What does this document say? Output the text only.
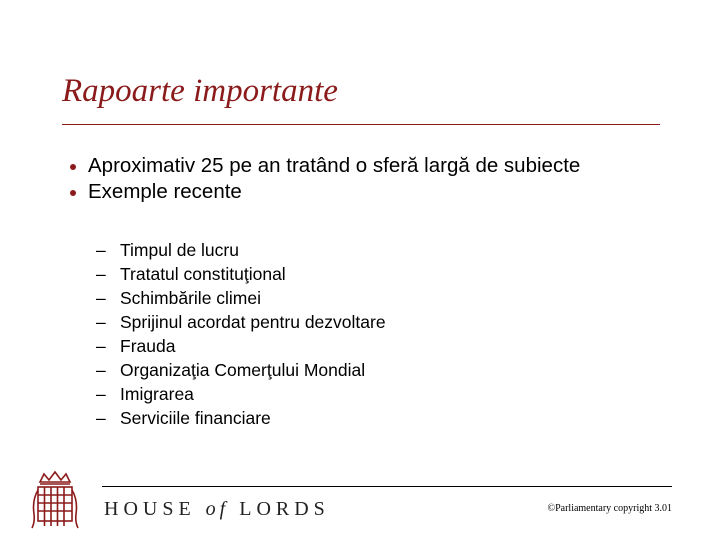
Rapoarte importante
Aproximativ 25 pe an tratând o sferă largă de subiecte
Exemple recente
– Timpul de lucru
– Tratatul constituţional
– Schimbările climei
– Sprijinul acordat pentru dezvoltare
– Frauda
– Organizaţia Comerţului Mondial
– Imigrarea
– Serviciile financiare
HOUSE of LORDS	©Parliamentary copyright 3.01
